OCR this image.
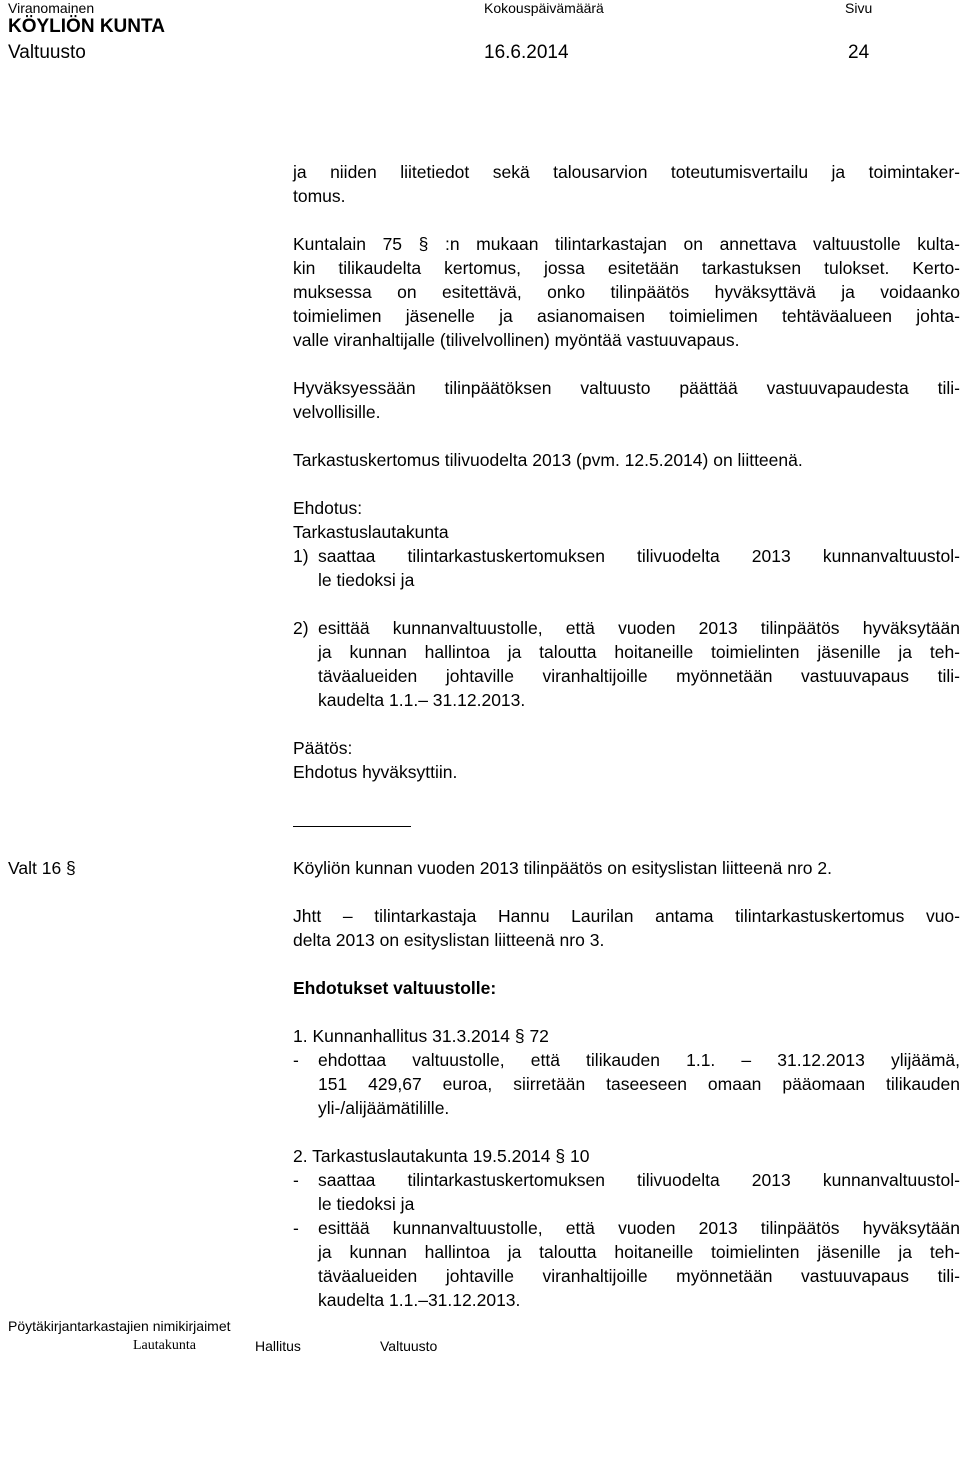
Viranomainen	Kokouspäivämäärä	Sivu
KÖYLIÖN KUNTA
Valtuusto	16.6.2014	24
ja niiden liitetiedot sekä talousarvion toteutumisvertailu ja toimintaker-
tomus.
Kuntalain 75 § :n mukaan tilintarkastajan on annettava valtuustolle kulta-
kin tilikaudelta kertomus, jossa esitetään tarkastuksen tulokset. Kerto-
muksessa on esitettävä, onko tilinpäätös hyväksyttävä ja voidaanko
toimielimen jäsenelle ja asianomaisen toimielimen tehtäväalueen johta-
valle viranhaltijalle (tilivelvollinen) myöntää vastuuvapaus.
Hyväksyessään tilinpäätöksen valtuusto päättää vastuuvapaudesta tili-
velvollisille.
Tarkastuskertomus tilivuodelta 2013 (pvm. 12.5.2014) on liitteenä.
Ehdotus:
Tarkastuslautakunta
1) saattaa tilintarkastuskertomuksen tilivuodelta 2013 kunnanvaltuustol-
le tiedoksi ja
2) esittää kunnanvaltuustolle, että vuoden 2013 tilinpäätös hyväksytään
ja kunnan hallintoa ja taloutta hoitaneille toimielinten jäsenille ja teh-
täväalueiden johtaville viranhaltijoille myönnetään vastuuvapaus tili-
kaudelta 1.1.– 31.12.2013.
Päätös:
Ehdotus hyväksyttiin.
Valt 16 §	Köyliön kunnan vuoden 2013 tilinpäätös on esityslistan liitteenä nro 2.
Jhtt – tilintarkastaja Hannu Laurilan antama tilintarkastuskertomus vuo-
delta 2013 on esityslistan liitteenä nro 3.
Ehdotukset valtuustolle:
1. Kunnanhallitus 31.3.2014 § 72
- ehdottaa valtuustolle, että tilikauden 1.1. – 31.12.2013 ylijäämä,
151 429,67 euroa, siirretään taseeseen omaan pääomaan tilikauden
yli-/alijäämätilille.
2. Tarkastuslautakunta 19.5.2014 § 10
- saattaa tilintarkastuskertomuksen tilivuodelta 2013 kunnanvaltuustol-
le tiedoksi ja
- esittää kunnanvaltuustolle, että vuoden 2013 tilinpäätös hyväksytään
ja kunnan hallintoa ja taloutta hoitaneille toimielinten jäsenille ja teh-
täväalueiden johtaville viranhaltijoille myönnetään vastuuvapaus tili-
kaudelta 1.1.–31.12.2013.
Pöytäkirjantarkastajien nimikirjaimet
Lautakunta	Hallitus	Valtuusto
